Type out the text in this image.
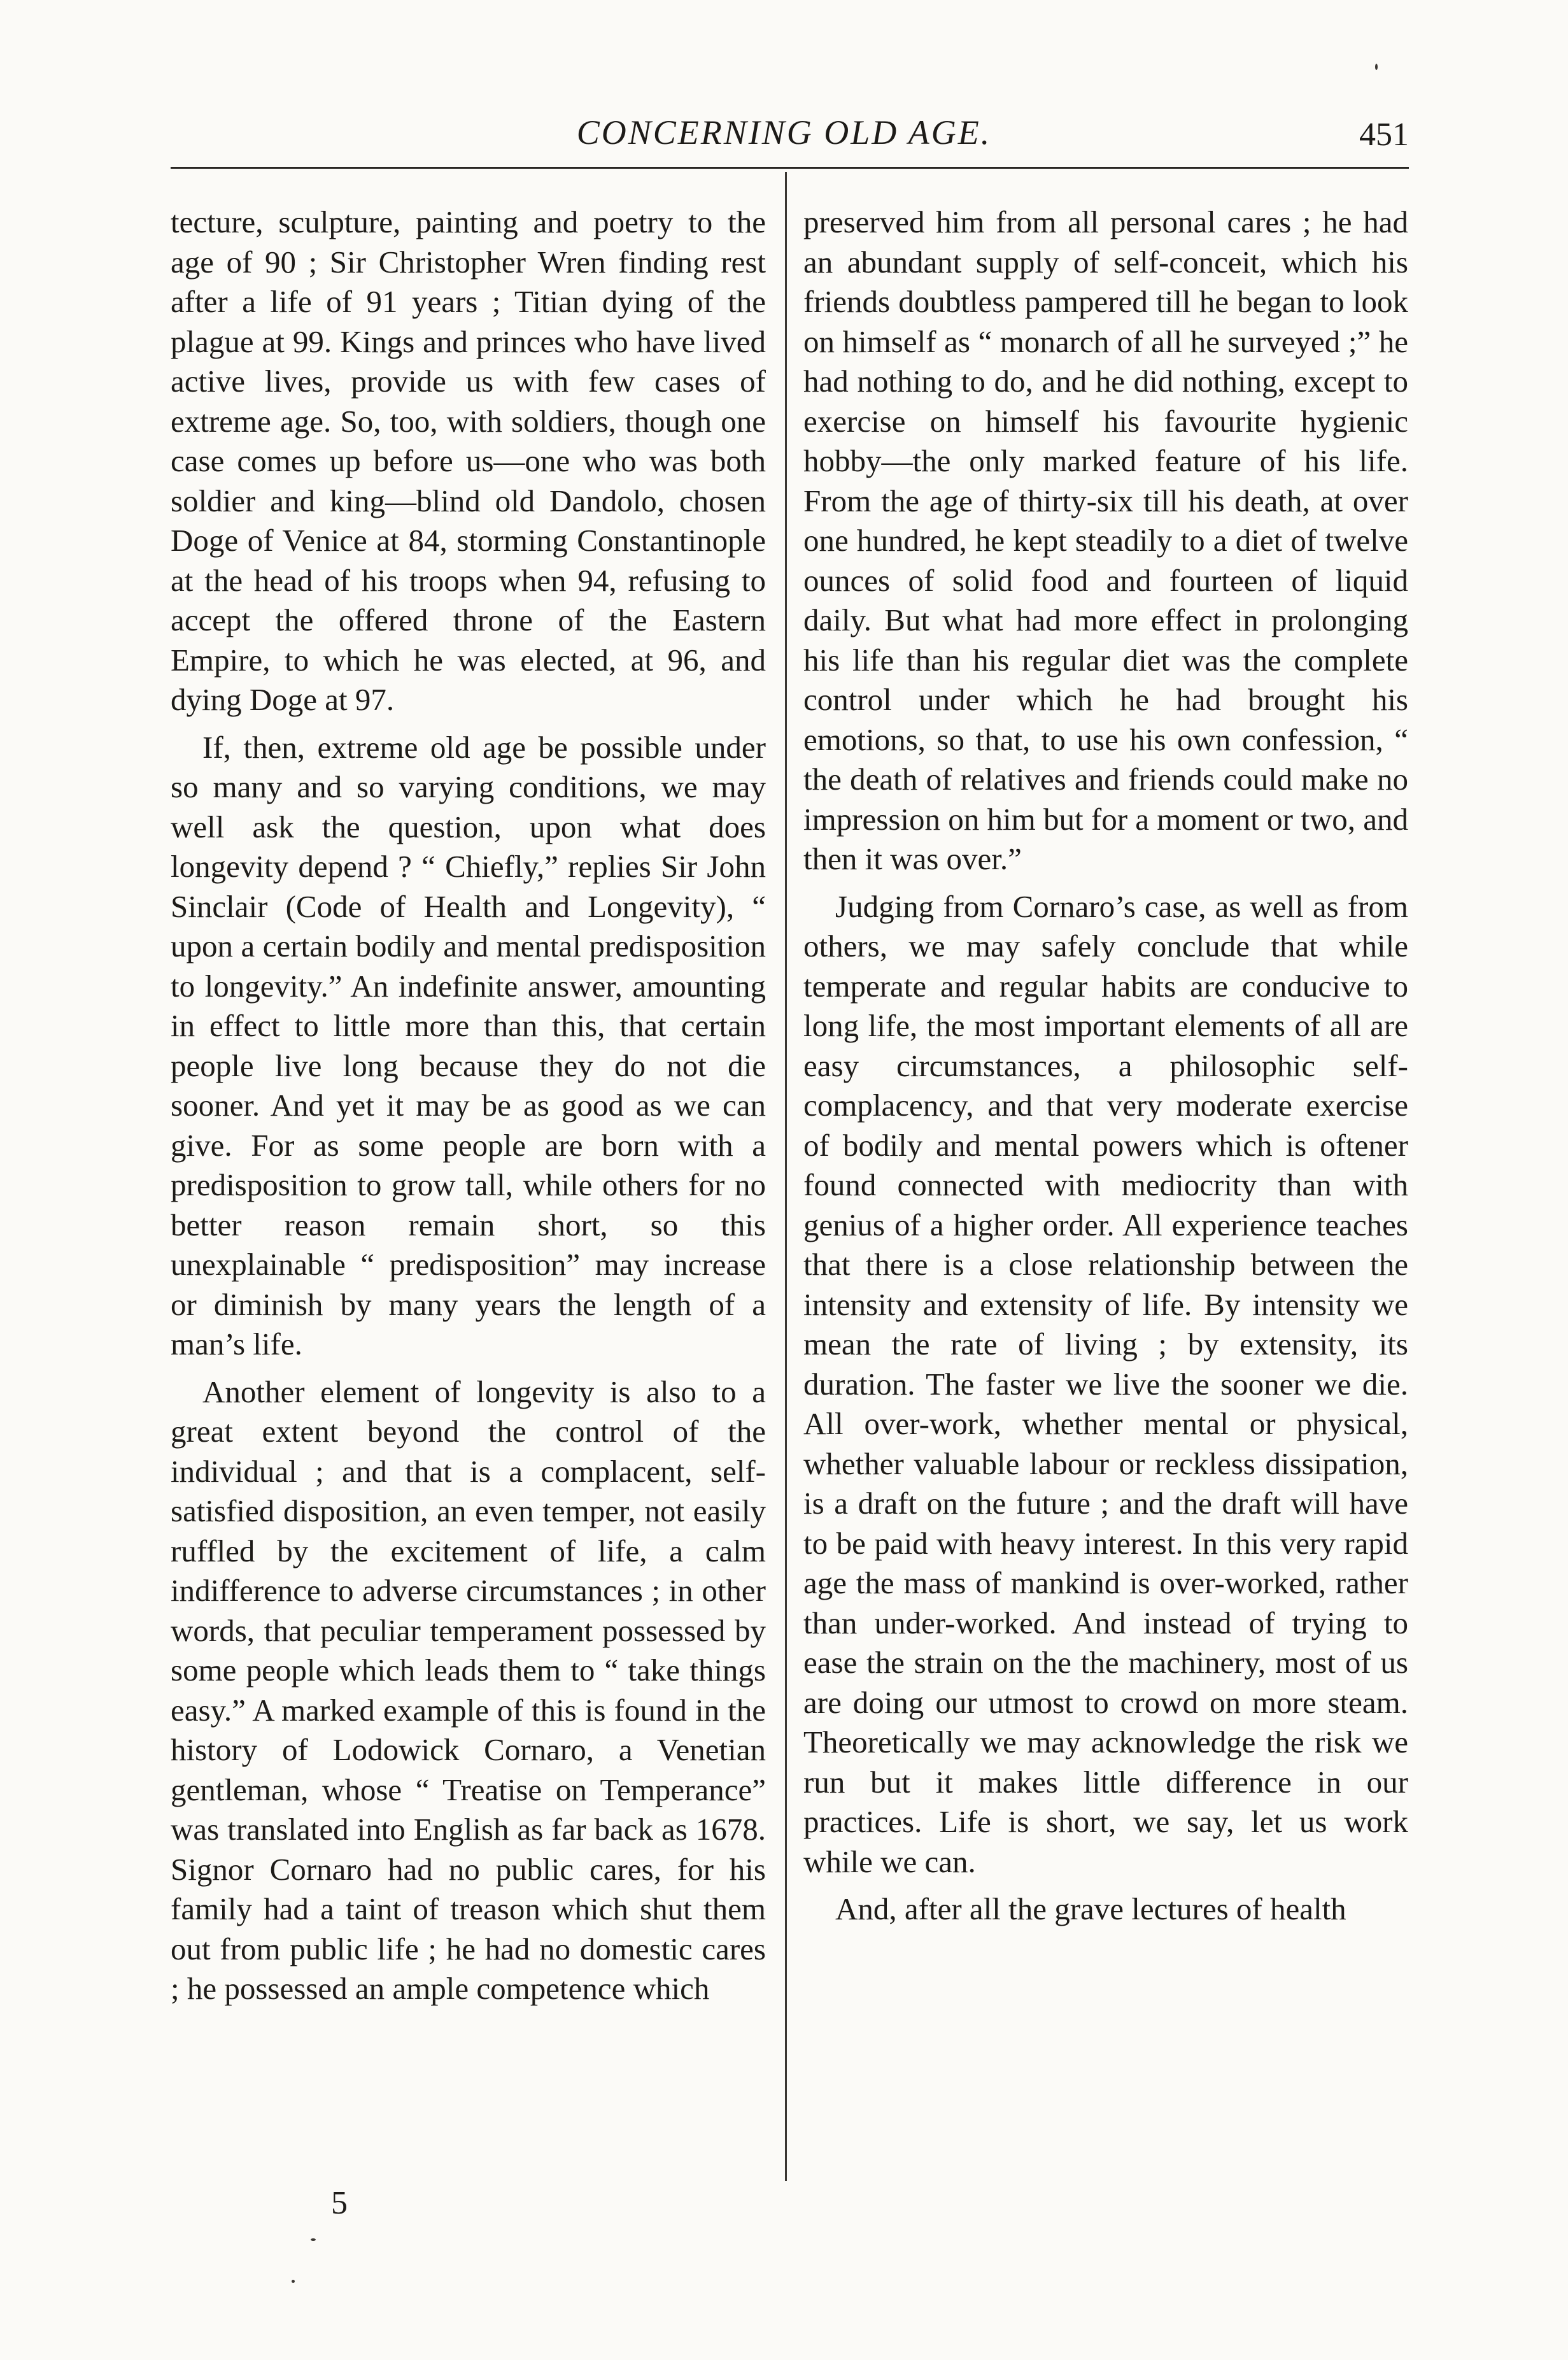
CONCERNING OLD AGE.	451

tecture, sculpture, painting and poetry to the age of 90 ; Sir Christopher Wren finding rest after a life of 91 years ; Titian dying of the plague at 99. Kings and princes who have lived active lives, provide us with few cases of extreme age. So, too, with soldiers, though one case comes up before us—one who was both soldier and king—blind old Dandolo, chosen Doge of Venice at 84, storming Constantinople at the head of his troops when 94, refusing to accept the offered throne of the Eastern Empire, to which he was elected, at 96, and dying Doge at 97.

If, then, extreme old age be possible under so many and so varying conditions, we may well ask the question, upon what does longevity depend ? “ Chiefly,” replies Sir John Sinclair (Code of Health and Longevity), “ upon a certain bodily and mental predisposition to longevity.” An indefinite answer, amounting in effect to little more than this, that certain people live long because they do not die sooner. And yet it may be as good as we can give. For as some people are born with a predisposition to grow tall, while others for no better reason remain short, so this unexplainable “ predisposition” may increase or diminish by many years the length of a man’s life.

Another element of longevity is also to a great extent beyond the control of the individual ; and that is a complacent, self-satisfied disposition, an even temper, not easily ruffled by the excitement of life, a calm indifference to adverse circumstances ; in other words, that peculiar temperament possessed by some people which leads them to “ take things easy.” A marked example of this is found in the history of Lodowick Cornaro, a Venetian gentleman, whose “ Treatise on Temperance” was translated into English as far back as 1678. Signor Cornaro had no public cares, for his family had a taint of treason which shut them out from public life ; he had no domestic cares ; he possessed an ample competence which

preserved him from all personal cares ; he had an abundant supply of self-conceit, which his friends doubtless pampered till he began to look on himself as “ monarch of all he surveyed ;” he had nothing to do, and he did nothing, except to exercise on himself his favourite hygienic hobby—the only marked feature of his life. From the age of thirty-six till his death, at over one hundred, he kept steadily to a diet of twelve ounces of solid food and fourteen of liquid daily. But what had more effect in prolonging his life than his regular diet was the complete control under which he had brought his emotions, so that, to use his own confession, “ the death of relatives and friends could make no impression on him but for a moment or two, and then it was over.”

Judging from Cornaro’s case, as well as from others, we may safely conclude that while temperate and regular habits are conducive to long life, the most important elements of all are easy circumstances, a philosophic self-complacency, and that very moderate exercise of bodily and mental powers which is oftener found connected with mediocrity than with genius of a higher order. All experience teaches that there is a close relationship between the intensity and extensity of life. By intensity we mean the rate of living ; by extensity, its duration. The faster we live the sooner we die. All over-work, whether mental or physical, whether valuable labour or reckless dissipation, is a draft on the future ; and the draft will have to be paid with heavy interest. In this very rapid age the mass of mankind is over-worked, rather than under-worked. And instead of trying to ease the strain on the the machinery, most of us are doing our utmost to crowd on more steam. Theoretically we may acknowledge the risk we run but it makes little difference in our practices. Life is short, we say, let us work while we can.

And, after all the grave lectures of health

5
